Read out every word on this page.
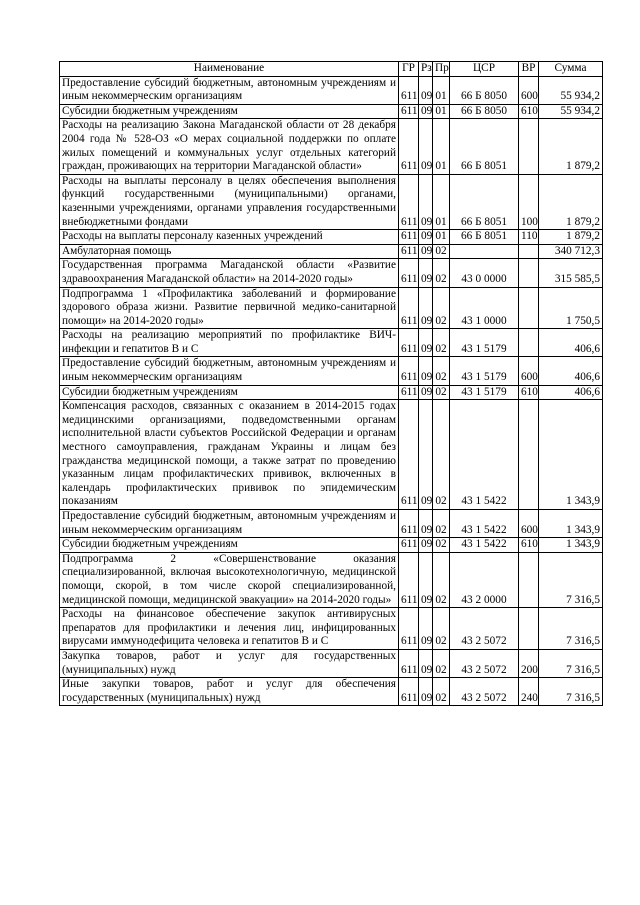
Наименование	ГР	Рз	Пр	ЦСР	ВР	Сумма
Предоставление субсидий бюджетным, автономным учреждениям и иным некоммерческим организациям	611	09	01	66 Б 8050	600	55 934,2
Субсидии бюджетным учреждениям	611	09	01	66 Б 8050	610	55 934,2
Расходы на реализацию Закона Магаданской области от 28 декабря 2004 года № 528-ОЗ «О мерах социальной поддержки по оплате жилых помещений и коммунальных услуг отдельных категорий граждан, проживающих на территории Магаданской области»	611	09	01	66 Б 8051		1 879,2
Расходы на выплаты персоналу в целях обеспечения выполнения функций государственными (муниципальными) органами, казенными учреждениями, органами управления государственными внебюджетными фондами	611	09	01	66 Б 8051	100	1 879,2
Расходы на выплаты персоналу казенных учреждений	611	09	01	66 Б 8051	110	1 879,2
Амбулаторная помощь	611	09	02			340 712,3
Государственная программа Магаданской области «Развитие здравоохранения Магаданской области» на 2014-2020 годы»	611	09	02	43 0 0000		315 585,5
Подпрограмма 1 «Профилактика заболеваний и формирование здорового образа жизни. Развитие первичной медико-санитарной помощи» на 2014-2020 годы»	611	09	02	43 1 0000		1 750,5
Расходы на реализацию мероприятий по профилактике ВИЧ-инфекции и гепатитов В и С	611	09	02	43 1 5179		406,6
Предоставление субсидий бюджетным, автономным учреждениям и иным некоммерческим организациям	611	09	02	43 1 5179	600	406,6
Субсидии бюджетным учреждениям	611	09	02	43 1 5179	610	406,6
Компенсация расходов, связанных с оказанием в 2014-2015 годах медицинскими организациями, подведомственными органам исполнительной власти субъектов Российской Федерации и органам местного самоуправления, гражданам Украины и лицам без гражданства медицинской помощи, а также затрат по проведению указанным лицам профилактических прививок, включенных в календарь профилактических прививок по эпидемическим показаниям	611	09	02	43 1 5422		1 343,9
Предоставление субсидий бюджетным, автономным учреждениям и иным некоммерческим организациям	611	09	02	43 1 5422	600	1 343,9
Субсидии бюджетным учреждениям	611	09	02	43 1 5422	610	1 343,9
Подпрограмма 2 «Совершенствование оказания специализированной, включая высокотехнологичную, медицинской помощи, скорой, в том числе скорой специализированной, медицинской помощи, медицинской эвакуации» на 2014-2020 годы»	611	09	02	43 2 0000		7 316,5
Расходы на финансовое обеспечение закупок антивирусных препаратов для профилактики и лечения лиц, инфицированных вирусами иммунодефицита человека и гепатитов В и С	611	09	02	43 2 5072		7 316,5
Закупка товаров, работ и услуг для государственных (муниципальных) нужд	611	09	02	43 2 5072	200	7 316,5
Иные закупки товаров, работ и услуг для обеспечения государственных (муниципальных) нужд	611	09	02	43 2 5072	240	7 316,5
